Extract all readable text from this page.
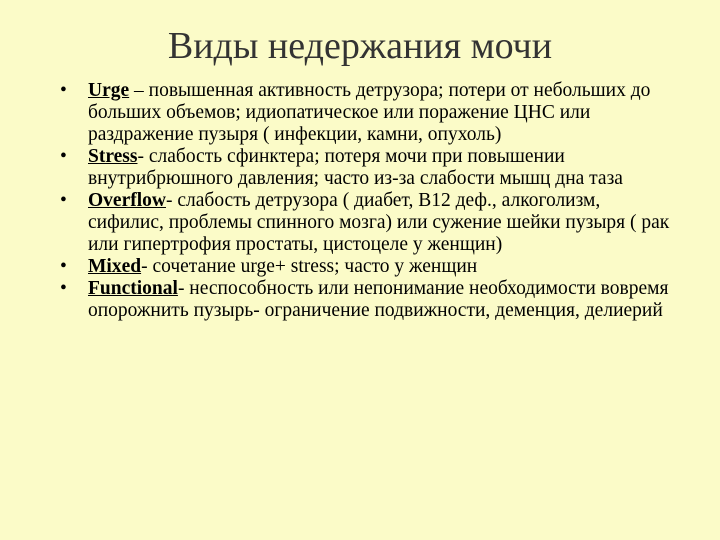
Виды недержания мочи
• Urge – повышенная активность детрузора; потери от небольших до больших объемов; идиопатическое или поражение ЦНС или раздражение пузыря ( инфекции, камни, опухоль)
• Stress- слабость сфинктера; потеря мочи при повышении внутрибрюшного давления; часто из-за слабости мышц дна таза
• Overflow- слабость детрузора ( диабет, B12 деф., алкоголизм, сифилис, проблемы спинного мозга) или сужение шейки пузыря ( рак или гипертрофия простаты, цистоцеле у женщин)
• Mixed- сочетание urge+ stress; часто у женщин
• Functional- неспособность или непонимание необходимости вовремя опорожнить пузырь- ограничение подвижности, деменция, делиерий
